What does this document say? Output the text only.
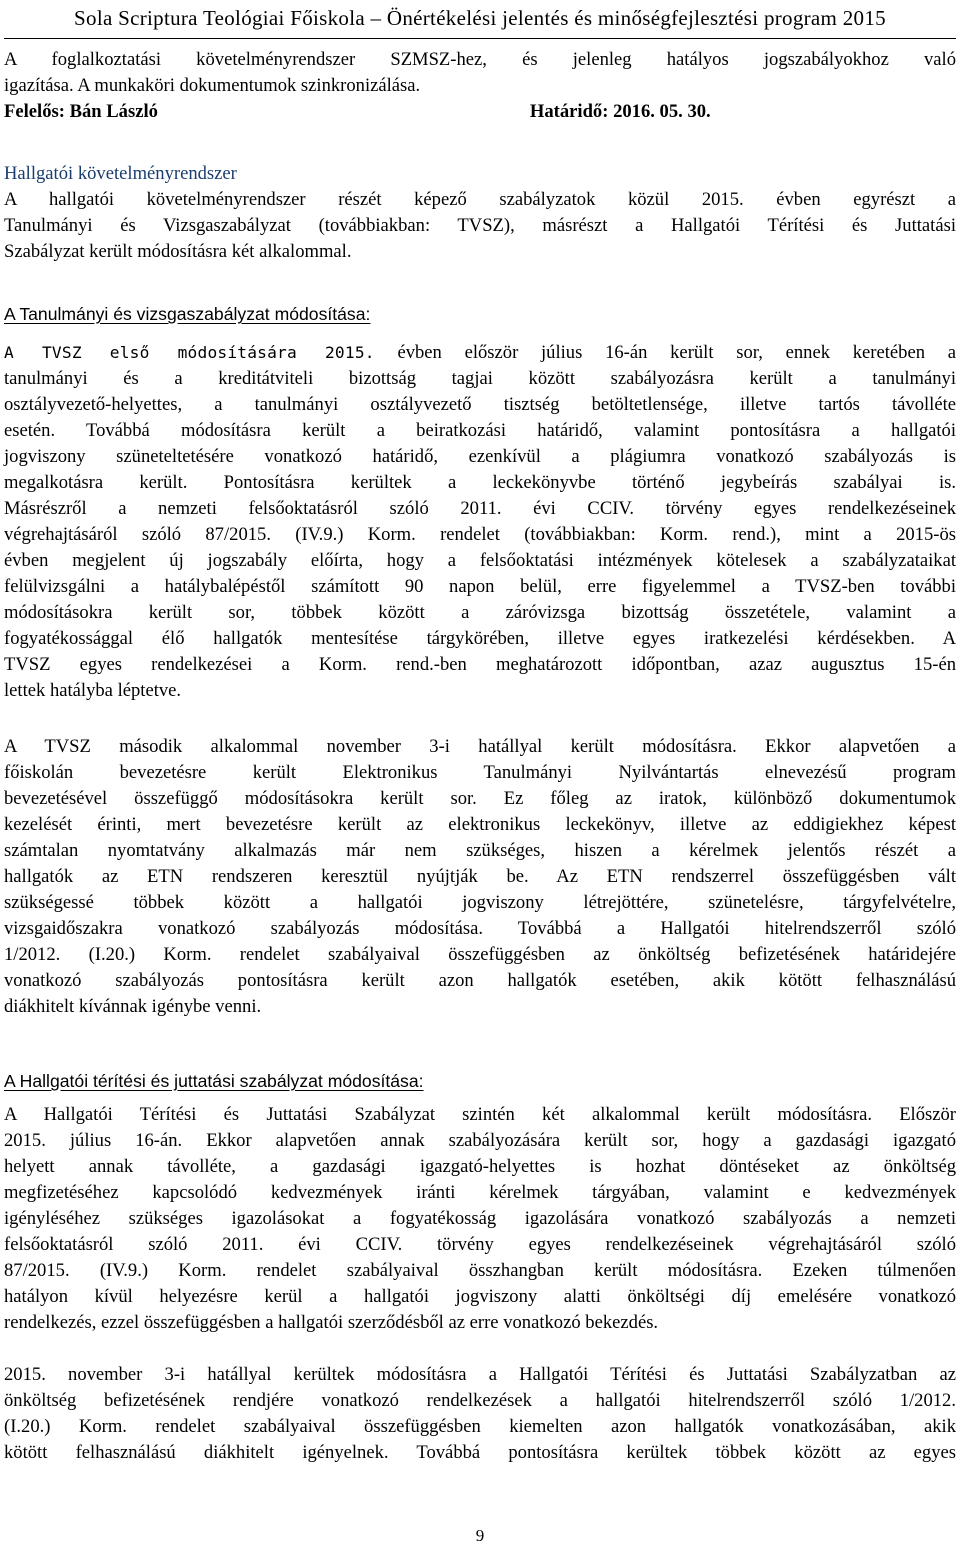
Sola Scriptura Teológiai Főiskola – Önértékelési jelentés és minőségfejlesztési program 2015
A foglalkoztatási követelményrendszer SZMSZ-hez, és jelenleg hatályos jogszabályokhoz való
igazítása. A munkaköri dokumentumok szinkronizálása.
Felelős: Bán László	Határidő: 2016. 05. 30.
Hallgatói követelményrendszer
A hallgatói követelményrendszer részét képező szabályzatok közül 2015. évben egyrészt a
Tanulmányi és Vizsgaszabályzat (továbbiakban: TVSZ), másrészt a Hallgatói Térítési és Juttatási
Szabályzat került módosításra két alkalommal.
A Tanulmányi és vizsgaszabályzat módosítása:
A TVSZ első módosítására 2015. évben először július 16-án került sor, ennek keretében a
tanulmányi és a kreditátviteli bizottság tagjai között szabályozásra került a tanulmányi
osztályvezető-helyettes, a tanulmányi osztályvezető tisztség betöltetlensége, illetve tartós távolléte
esetén. Továbbá módosításra került a beiratkozási határidő, valamint pontosításra a hallgatói
jogviszony szüneteltetésére vonatkozó határidő, ezenkívül a plágiumra vonatkozó szabályozás is
megalkotásra került. Pontosításra kerültek a leckekönyvbe történő jegybeírás szabályai is.
Másrészről a nemzeti felsőoktatásról szóló 2011. évi CCIV. törvény egyes rendelkezéseinek
végrehajtásáról szóló 87/2015. (IV.9.) Korm. rendelet (továbbiakban: Korm. rend.), mint a 2015-ös
évben megjelent új jogszabály előírta, hogy a felsőoktatási intézmények kötelesek a szabályzataikat
felülvizsgálni a hatálybalépéstől számított 90 napon belül, erre figyelemmel a TVSZ-ben további
módosításokra került sor, többek között a záróvizsga bizottság összetétele, valamint a
fogyatékossággal élő hallgatók mentesítése tárgykörében, illetve egyes iratkezelési kérdésekben. A
TVSZ egyes rendelkezései a Korm. rend.-ben meghatározott időpontban, azaz augusztus 15-én
lettek hatályba léptetve.
A TVSZ második alkalommal november 3-i hatállyal került módosításra. Ekkor alapvetően a
főiskolán bevezetésre került Elektronikus Tanulmányi Nyilvántartás elnevezésű program
bevezetésével összefüggő módosításokra került sor. Ez főleg az iratok, különböző dokumentumok
kezelését érinti, mert bevezetésre került az elektronikus leckekönyv, illetve az eddigiekhez képest
számtalan nyomtatvány alkalmazás már nem szükséges, hiszen a kérelmek jelentős részét a
hallgatók az ETN rendszeren keresztül nyújtják be. Az ETN rendszerrel összefüggésben vált
szükségessé többek között a hallgatói jogviszony létrejöttére, szünetelésre, tárgyfelvételre,
vizsgaidőszakra vonatkozó szabályozás módosítása. Továbbá a Hallgatói hitelrendszerről szóló
1/2012. (I.20.) Korm. rendelet szabályaival összefüggésben az önköltség befizetésének határidejére
vonatkozó szabályozás pontosításra került azon hallgatók esetében, akik kötött felhasználású
diákhitelt kívánnak igénybe venni.
A Hallgatói térítési és juttatási szabályzat módosítása:
A Hallgatói Térítési és Juttatási Szabályzat szintén két alkalommal került módosításra. Először
2015. július 16-án. Ekkor alapvetően annak szabályozására került sor, hogy a gazdasági igazgató
helyett annak távolléte, a gazdasági igazgató-helyettes is hozhat döntéseket az önköltség
megfizetéséhez kapcsolódó kedvezmények iránti kérelmek tárgyában, valamint e kedvezmények
igényléséhez szükséges igazolásokat a fogyatékosság igazolására vonatkozó szabályozás a nemzeti
felsőoktatásról szóló 2011. évi CCIV. törvény egyes rendelkezéseinek végrehajtásáról szóló
87/2015. (IV.9.) Korm. rendelet szabályaival összhangban került módosításra. Ezeken túlmenően
hatályon kívül helyezésre kerül a hallgatói jogviszony alatti önköltségi díj emelésére vonatkozó
rendelkezés, ezzel összefüggésben a hallgatói szerződésből az erre vonatkozó bekezdés.
2015. november 3-i hatállyal kerültek módosításra a Hallgatói Térítési és Juttatási Szabályzatban az
önköltség befizetésének rendjére vonatkozó rendelkezések a hallgatói hitelrendszerről szóló 1/2012.
(I.20.) Korm. rendelet szabályaival összefüggésben kiemelten azon hallgatók vonatkozásában, akik
kötött felhasználású diákhitelt igényelnek. Továbbá pontosításra kerültek többek között az egyes
9
